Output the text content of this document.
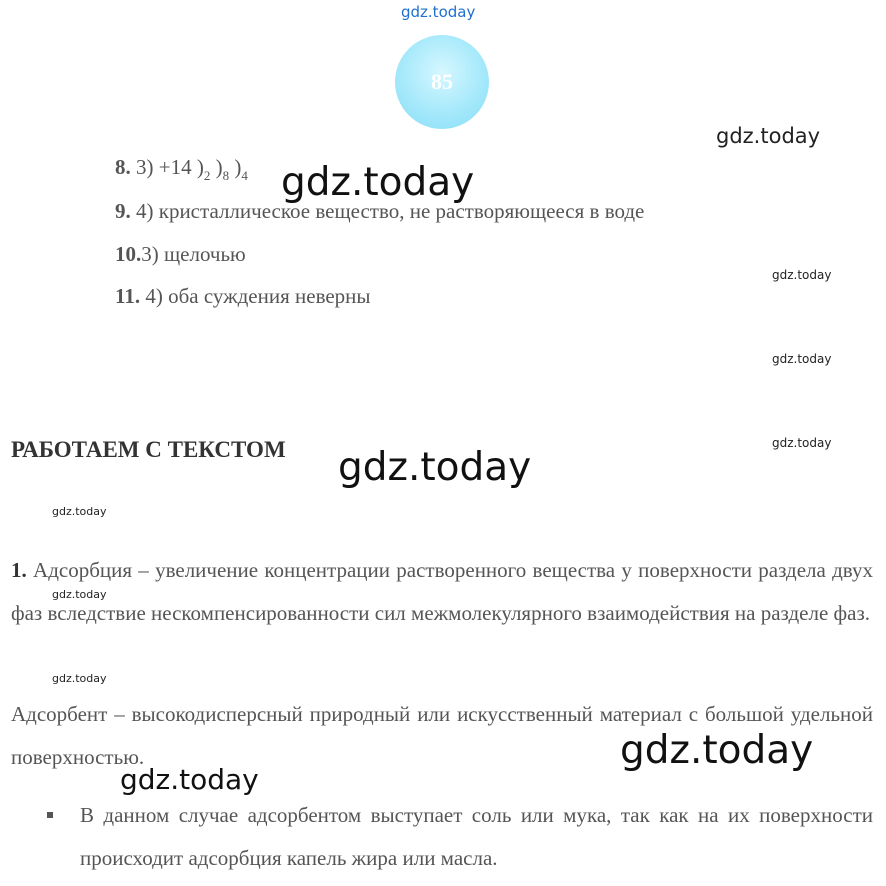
gdz.today
gdz.today
gdz.today
gdz.today
gdz.today
gdz.today
gdz.today
gdz.today
gdz.today
gdz.today
gdz.today
gdz.today
85
8. 3) +14 )$_2$ )$_8$ )$_4$
9. 4) кристаллическое вещество, не растворяющееся в воде
10.3) щелочью
11. 4) оба суждения неверны
РАБОТАЕМ С ТЕКСТОМ
1. Адсорбция – увеличение концентрации растворенного вещества у поверхности раздела двух фаз вследствие нескомпенсированности сил межмолекулярного взаимодействия на разделе фаз.
Адсорбент – высокодисперсный природный или искусственный материал с большой удельной поверхностью.
В данном случае адсорбентом выступает соль или мука, так как на их поверхности происходит адсорбция капель жира или масла.
